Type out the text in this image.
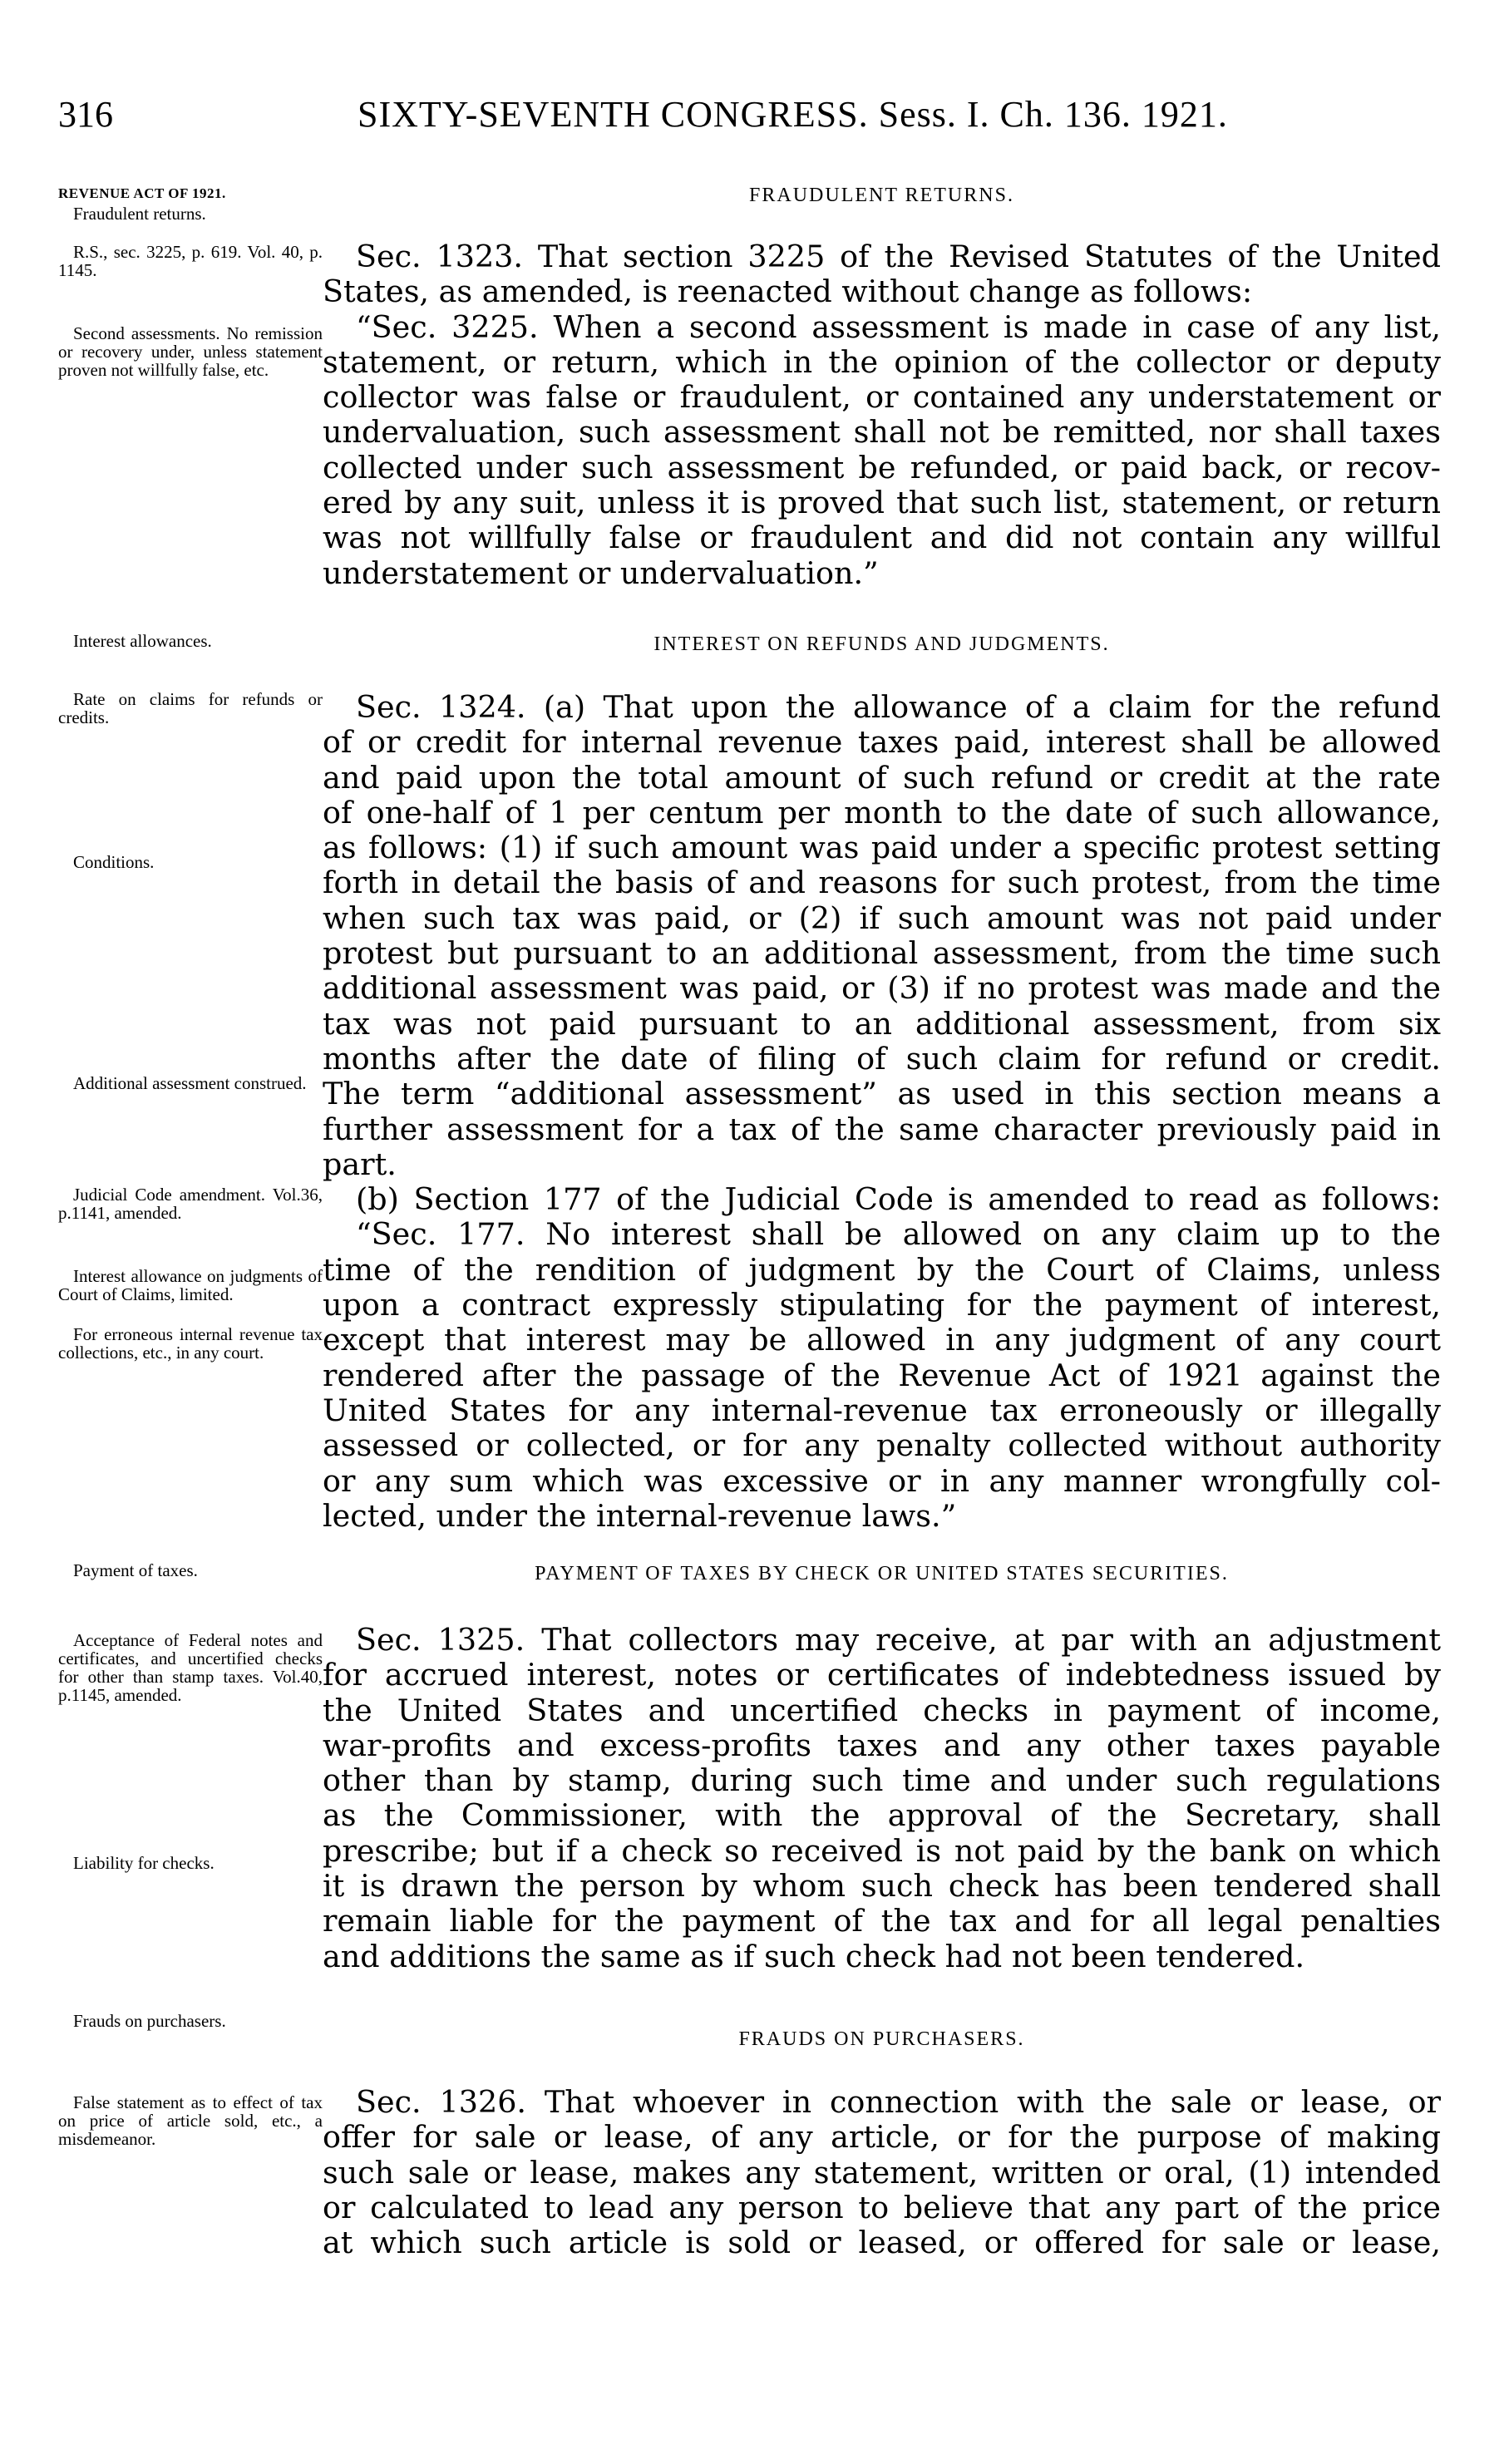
316	SIXTY-SEVENTH CONGRESS. Sess. I. Ch. 136. 1921.

REVENUE ACT OF 1921.

Fraudulent returns.

R.S., sec. 3225, p. 619. Vol. 40, p. 1145.

Second assessments. No remission or recovery under, unless statement proven not willfully false, etc.

Interest allowances.

Rate on claims for refunds or credits.

Conditions.

Additional assessment construed.

Judicial Code amendment. Vol.36, p.1141, amended.

Interest allowance on judgments of Court of Claims, limited.

For erroneous internal revenue tax collections, etc., in any court.

Payment of taxes.

Acceptance of Federal notes and certificates, and uncertified checks for other than stamp taxes. Vol.40, p.1145, amended.

Liability for checks.

Frauds on purchasers.

False statement as to effect of tax on price of article sold, etc., a misdemeanor.

FRAUDULENT RETURNS.
Sec. 1323. That section 3225 of the Revised Statutes of the United
States, as amended, is reenacted without change as follows:
“Sec. 3225. When a second assessment is made in case of any list,
statement, or return, which in the opinion of the collector or deputy
collector was false or fraudulent, or contained any understatement or
undervaluation, such assessment shall not be remitted, nor shall taxes
collected under such assessment be refunded, or paid back, or recov-
ered by any suit, unless it is proved that such list, statement, or return
was not willfully false or fraudulent and did not contain any willful
understatement or undervaluation.”
INTEREST ON REFUNDS AND JUDGMENTS.
Sec. 1324. (a) That upon the allowance of a claim for the refund
of or credit for internal revenue taxes paid, interest shall be allowed
and paid upon the total amount of such refund or credit at the rate
of one-half of 1 per centum per month to the date of such allowance,
as follows: (1) if such amount was paid under a specific protest setting
forth in detail the basis of and reasons for such protest, from the time
when such tax was paid, or (2) if such amount was not paid under
protest but pursuant to an additional assessment, from the time such
additional assessment was paid, or (3) if no protest was made and the
tax was not paid pursuant to an additional assessment, from six
months after the date of filing of such claim for refund or credit.
The term “additional assessment” as used in this section means a
further assessment for a tax of the same character previously paid in
part.
(b) Section 177 of the Judicial Code is amended to read as follows:
“Sec. 177. No interest shall be allowed on any claim up to the
time of the rendition of judgment by the Court of Claims, unless
upon a contract expressly stipulating for the payment of interest,
except that interest may be allowed in any judgment of any court
rendered after the passage of the Revenue Act of 1921 against the
United States for any internal-revenue tax erroneously or illegally
assessed or collected, or for any penalty collected without authority
or any sum which was excessive or in any manner wrongfully col-
lected, under the internal-revenue laws.”
PAYMENT OF TAXES BY CHECK OR UNITED STATES SECURITIES.
Sec. 1325. That collectors may receive, at par with an adjustment
for accrued interest, notes or certificates of indebtedness issued by
the United States and uncertified checks in payment of income,
war-profits and excess-profits taxes and any other taxes payable
other than by stamp, during such time and under such regulations
as the Commissioner, with the approval of the Secretary, shall
prescribe; but if a check so received is not paid by the bank on which
it is drawn the person by whom such check has been tendered shall
remain liable for the payment of the tax and for all legal penalties
and additions the same as if such check had not been tendered.
FRAUDS ON PURCHASERS.
Sec. 1326. That whoever in connection with the sale or lease, or
offer for sale or lease, of any article, or for the purpose of making
such sale or lease, makes any statement, written or oral, (1) intended
or calculated to lead any person to believe that any part of the price
at which such article is sold or leased, or offered for sale or lease,
